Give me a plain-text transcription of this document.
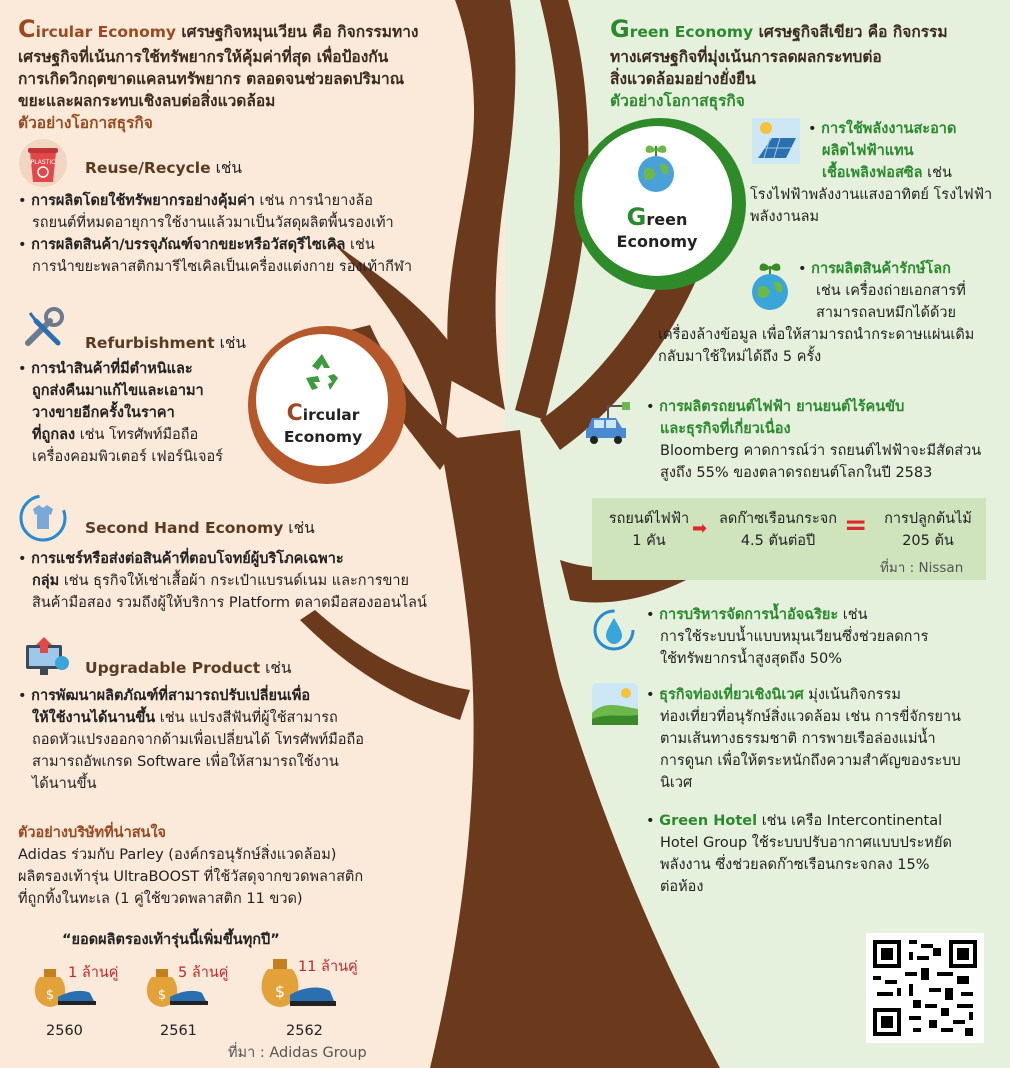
Circular Economy เศรษฐกิจหมุนเวียน คือ กิจกรรมทาง
เศรษฐกิจที่เน้นการใช้ทรัพยากรให้คุ้มค่าที่สุด เพื่อป้องกัน
การเกิดวิกฤตขาดแคลนทรัพยากร ตลอดจนช่วยลดปริมาณ
ขยะและผลกระทบเชิงลบต่อสิ่งแวดล้อม
ตัวอย่างโอกาสธุรกิจ
PLASTIC Reuse/Recycle เช่น
• การผลิตโดยใช้ทรัพยากรอย่างคุ้มค่า เช่น การนำยางล้อ
รถยนต์ที่หมดอายุการใช้งานแล้วมาเป็นวัสดุผลิตพื้นรองเท้า
• การผลิตสินค้า/บรรจุภัณฑ์จากขยะหรือวัสดุรีไซเคิล เช่น
การนำขยะพลาสติกมารีไซเคิลเป็นเครื่องแต่งกาย รองเท้ากีฬา
Refurbishment เช่น
• การนำสินค้าที่มีตำหนิและ
ถูกส่งคืนมาแก้ไขและเอามา
วางขายอีกครั้งในราคา
ที่ถูกลง เช่น โทรศัพท์มือถือ
เครื่องคอมพิวเตอร์ เฟอร์นิเจอร์
Circular
Economy
Second Hand Economy เช่น
• การแชร์หรือส่งต่อสินค้าที่ตอบโจทย์ผู้บริโภคเฉพาะ
กลุ่ม เช่น ธุรกิจให้เช่าเสื้อผ้า กระเป๋าแบรนด์เนม และการขาย
สินค้ามือสอง รวมถึงผู้ให้บริการ Platform ตลาดมือสองออนไลน์
Upgradable Product เช่น
• การพัฒนาผลิตภัณฑ์ที่สามารถปรับเปลี่ยนเพื่อ
ให้ใช้งานได้นานขึ้น เช่น แปรงสีฟันที่ผู้ใช้สามารถ
ถอดหัวแปรงออกจากด้ามเพื่อเปลี่ยนได้ โทรศัพท์มือถือ
สามารถอัพเกรด Software เพื่อให้สามารถใช้งาน
ได้นานขึ้น
ตัวอย่างบริษัทที่น่าสนใจ
Adidas ร่วมกับ Parley (องค์กรอนุรักษ์สิ่งแวดล้อม)
ผลิตรองเท้ารุ่น UltraBOOST ที่ใช้วัสดุจากขวดพลาสติก
ที่ถูกทิ้งในทะเล (1 คู่ใช้ขวดพลาสติก 11 ขวด)
“ยอดผลิตรองเท้ารุ่นนี้เพิ่มขึ้นทุกปี”
$
1 ล้านคู่
2560
$
5 ล้านคู่
2561
$
11 ล้านคู่
2562
ที่มา : Adidas Group
Green Economy เศรษฐกิจสีเขียว คือ กิจกรรม
ทางเศรษฐกิจที่มุ่งเน้นการลดผลกระทบต่อ
สิ่งแวดล้อมอย่างยั่งยืน
ตัวอย่างโอกาสธุรกิจ
Green
Economy
• การใช้พลังงานสะอาด
ผลิตไฟฟ้าแทน
เชื้อเพลิงฟอสซิล เช่น
โรงไฟฟ้าพลังงานแสงอาทิตย์ โรงไฟฟ้า
พลังงานลม
• การผลิตสินค้ารักษ์โลก
เช่น เครื่องถ่ายเอกสารที่
สามารถลบหมึกได้ด้วย
เครื่องล้างข้อมูล เพื่อให้สามารถนำกระดาษแผ่นเดิม
กลับมาใช้ใหม่ได้ถึง 5 ครั้ง
• การผลิตรถยนต์ไฟฟ้า ยานยนต์ไร้คนขับ
และธุรกิจที่เกี่ยวเนื่อง
Bloomberg คาดการณ์ว่า รถยนต์ไฟฟ้าจะมีสัดส่วน
สูงถึง 55% ของตลาดรถยนต์โลกในปี 2583
รถยนต์ไฟฟ้า
1 คัน
➡ ลดก๊าซเรือนกระจก
4.5 ตันต่อปี
=	การปลูกต้นไม้
205 ต้น
ที่มา : Nissan
• การบริหารจัดการน้ำอัจฉริยะ เช่น
การใช้ระบบน้ำแบบหมุนเวียนซึ่งช่วยลดการ
ใช้ทรัพยากรน้ำสูงสุดถึง 50%
• ธุรกิจท่องเที่ยวเชิงนิเวศ มุ่งเน้นกิจกรรม
ท่องเที่ยวที่อนุรักษ์สิ่งแวดล้อม เช่น การขี่จักรยาน
ตามเส้นทางธรรมชาติ การพายเรือล่องแม่น้ำ
การดูนก เพื่อให้ตระหนักถึงความสำคัญของระบบ
นิเวศ
• Green Hotel เช่น เครือ Intercontinental
Hotel Group ใช้ระบบปรับอากาศแบบประหยัด
พลังงาน ซึ่งช่วยลดก๊าซเรือนกระจกลง 15%
ต่อห้อง
